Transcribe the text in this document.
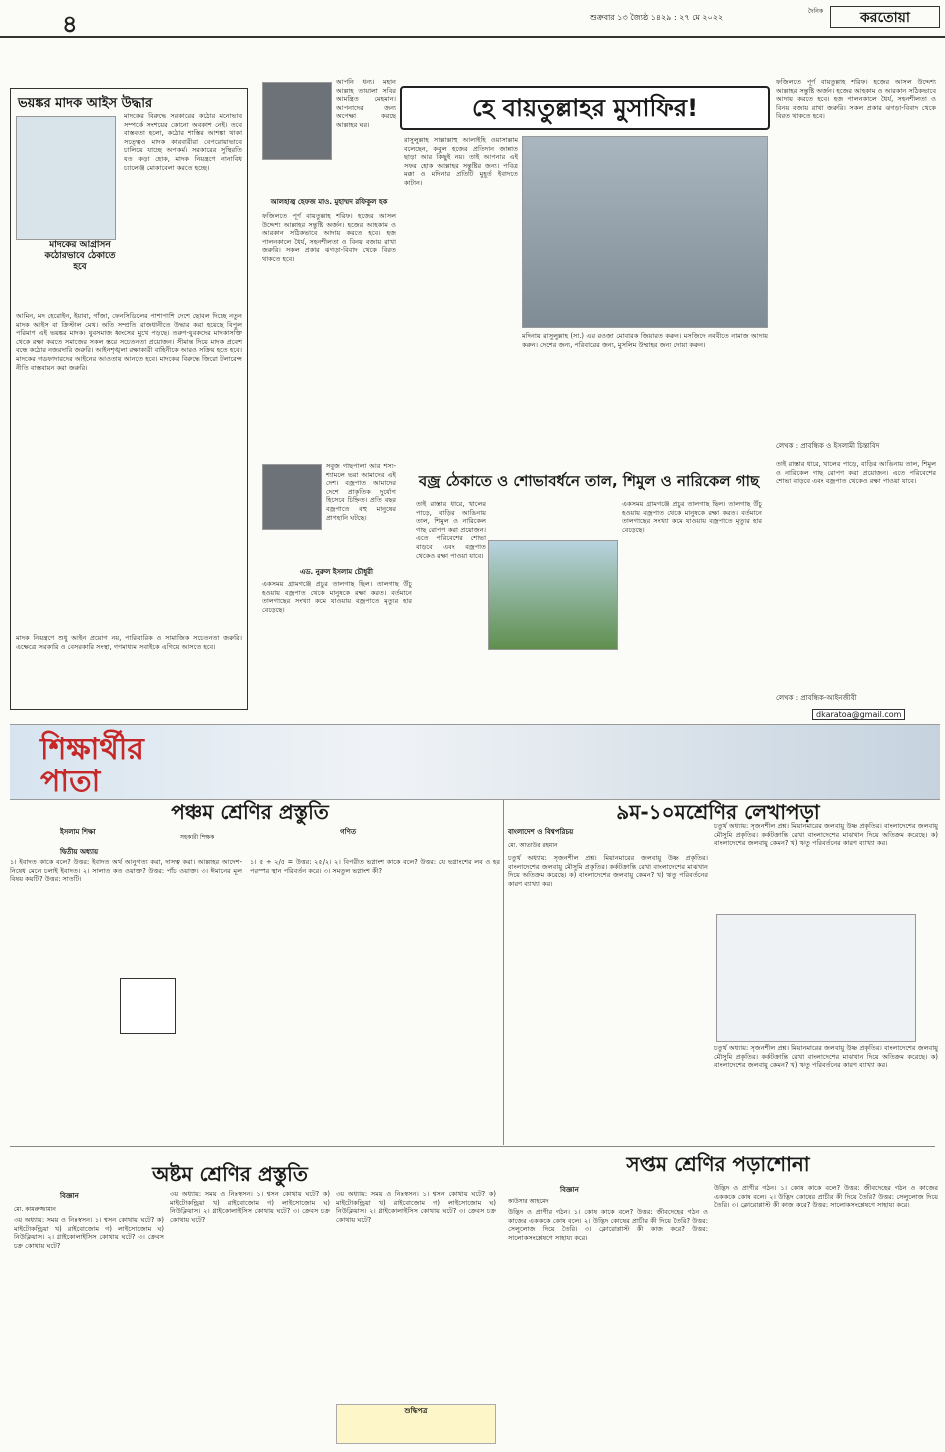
৪	শুক্রবার ১৩ জ্যৈষ্ঠ ১৪২৯ : ২৭ মে ২০২২
দৈনিক	করতোয়া
ভয়ঙ্কর মাদক আইস উদ্ধার
মাদকের আগ্রাসন কঠোরভাবে ঠেকাতে হবে
মাদকের বিরুদ্ধে সরকারের কঠোর মনোভাব সম্পর্কে সংশয়ের কোনো অবকাশ নেই। তবে বাস্তবতা হলো, কঠোর শাস্তির আশঙ্কা থাকা সত্ত্বেও মাদক কারবারীরা বেপরোয়াভাবে চালিয়ে যাচ্ছে অপকর্ম। সরকারের সুস্থিরতি যত কড়া হোক, মাদক নিয়ন্ত্রণে নানাবিধ চ্যালেঞ্জ মোকাবেলা করতে হচ্ছে।
আমিন, মদ হেরোইন, ইয়াবা, গাঁজা, ফেনসিডিলের পাশাপাশি দেশে ছোবল দিচ্ছে নতুন মাদক আইস বা ক্রিস্টাল মেথ। অতি সম্প্রতি রাজধানীতে উদ্ধার করা হয়েছে বিপুল পরিমাণ এই ভয়ঙ্কর মাদক। যুবসমাজ ধ্বংসের মুখে পড়ছে। তরুণ-যুবকদের মাদকাসক্তি থেকে রক্ষা করতে সমাজের সকল স্তরে সচেতনতা প্রয়োজন। সীমান্ত দিয়ে মাদক প্রবেশ বন্ধে কঠোর নজরদারি জরুরি। আইনশৃঙ্খলা রক্ষাকারী বাহিনীকে আরও সক্রিয় হতে হবে। মাদকের গডফাদারদের আইনের আওতায় আনতে হবে। মাদকের বিরুদ্ধে জিরো টলারেন্স নীতি বাস্তবায়ন করা জরুরি।
মাদক নিয়ন্ত্রণে শুধু আইন প্রয়োগ নয়, পারিবারিক ও সামাজিক সচেতনতা জরুরি। এক্ষেত্রে সরকারি ও বেসরকারি সংস্থা, গণমাধ্যম সবাইকে এগিয়ে আসতে হবে।
আপনি ধন্য। মহান আল্লাহ তায়ালা সবির আমন্ত্রিত মেহমান। আপনাদের জন্য অপেক্ষা করছে আল্লাহর ঘর।
হে বায়তুল্লাহর মুসাফির!
আলহাজ্ব হেফজ মাও. মুহাম্মদ রফিকুল হক
ফজিলতে পূর্ণ বায়তুল্লাহ শরিফ। হজের আসল উদ্দেশ্য আল্লাহর সন্তুষ্টি অর্জন। হজের আহকাম ও আরকান সঠিকভাবে আদায় করতে হবে। হজ পালনকালে ধৈর্য, সহনশীলতা ও বিনয় বজায় রাখা জরুরি। সকল প্রকার ঝগড়া-বিবাদ থেকে বিরত থাকতে হবে।
রাসুলুল্লাহ সাল্লাল্লাহু আলাইহি ওয়াসাল্লাম বলেছেন, কবুল হজের প্রতিদান জান্নাত ছাড়া আর কিছুই নয়। তাই আপনার এই সফর হোক আল্লাহর সন্তুষ্টির জন্য। পবিত্র মক্কা ও মদিনার প্রতিটি মুহূর্ত ইবাদতে কাটান।
মদিনায় রাসুলুল্লাহ (সা.) এর রওজা মোবারক জিয়ারত করুন। মসজিদে নববীতে নামাজ আদায় করুন। দেশের জন্য, পরিবারের জন্য, মুসলিম উম্মাহর জন্য দোয়া করুন।
ফজিলতে পূর্ণ বায়তুল্লাহ শরিফ। হজের আসল উদ্দেশ্য আল্লাহর সন্তুষ্টি অর্জন। হজের আহকাম ও আরকান সঠিকভাবে আদায় করতে হবে। হজ পালনকালে ধৈর্য, সহনশীলতা ও বিনয় বজায় রাখা জরুরি। সকল প্রকার ঝগড়া-বিবাদ থেকে বিরত থাকতে হবে।
লেখক : প্রাবন্ধিক ও ইসলামী চিন্তাবিদ
সবুজ গাছপালা আর শস্য-শ্যামলে ভরা আমাদের এই দেশ। বজ্রপাত আমাদের দেশে প্রাকৃতিক দুর্যোগ হিসেবে চিহ্নিত। প্রতি বছর বজ্রপাতে বহু মানুষের প্রাণহানি ঘটছে।
বজ্র ঠেকাতে ও শোভাবর্ধনে তাল, শিমুল ও নারিকেল গাছ
এড. নুরুল ইসলাম চৌধুরী
একসময় গ্রামগঞ্জে প্রচুর তালগাছ ছিল। তালগাছ উঁচু হওয়ায় বজ্রপাত থেকে মানুষকে রক্ষা করত। বর্তমানে তালগাছের সংখ্যা কমে যাওয়ায় বজ্রপাতে মৃত্যুর হার বেড়েছে।
তাই রাস্তার ধারে, খালের পাড়ে, বাড়ির আঙিনায় তাল, শিমুল ও নারিকেল গাছ রোপণ করা প্রয়োজন। এতে পরিবেশের শোভা বাড়বে এবং বজ্রপাত থেকেও রক্ষা পাওয়া যাবে।
একসময় গ্রামগঞ্জে প্রচুর তালগাছ ছিল। তালগাছ উঁচু হওয়ায় বজ্রপাত থেকে মানুষকে রক্ষা করত। বর্তমানে তালগাছের সংখ্যা কমে যাওয়ায় বজ্রপাতে মৃত্যুর হার বেড়েছে।
তাই রাস্তার ধারে, খালের পাড়ে, বাড়ির আঙিনায় তাল, শিমুল ও নারিকেল গাছ রোপণ করা প্রয়োজন। এতে পরিবেশের শোভা বাড়বে এবং বজ্রপাত থেকেও রক্ষা পাওয়া যাবে।
লেখক : প্রাবন্ধিক-আইনজীবী
dkaratoa@gmail.com
শিক্ষার্থীর পাতা
পঞ্চম শ্রেণির প্রস্তুতি
ইসলাম শিক্ষা	গণিত
সহকারী শিক্ষক
দ্বিতীয় অধ্যায়
১। ইবাদত কাকে বলে? উত্তর: ইবাদত অর্থ আনুগত্য করা, দাসত্ব করা। আল্লাহর আদেশ-নিষেধ মেনে চলাই ইবাদত। ২। সালাত কত ওয়াক্ত? উত্তর: পাঁচ ওয়াক্ত। ৩। ঈমানের মূল বিষয় কয়টি? উত্তর: সাতটি।
১। ৫ ÷ ২/৫ = উত্তর: ২৫/২। ২। বিপরীত ভগ্নাংশ কাকে বলে? উত্তর: যে ভগ্নাংশের লব ও হর পরস্পর স্থান পরিবর্তন করে। ৩। সমতুল ভগ্নাংশ কী?
৯ম-১০মশ্রেণির লেখাপড়া
বাংলাদেশ ও বিশ্বপরিচয়
মো. আতাউর রহমান
চতুর্থ অধ্যায়: সৃজনশীল প্রশ্ন। মিয়ানমারের জলবায়ু উষ্ণ প্রকৃতির। বাংলাদেশের জলবায়ু মৌসুমি প্রকৃতির। কর্কটক্রান্তি রেখা বাংলাদেশের মাঝখান দিয়ে অতিক্রম করেছে। ক) বাংলাদেশের জলবায়ু কেমন? খ) ঋতু পরিবর্তনের কারণ ব্যাখ্যা কর।
চতুর্থ অধ্যায়: সৃজনশীল প্রশ্ন। মিয়ানমারের জলবায়ু উষ্ণ প্রকৃতির। বাংলাদেশের জলবায়ু মৌসুমি প্রকৃতির। কর্কটক্রান্তি রেখা বাংলাদেশের মাঝখান দিয়ে অতিক্রম করেছে। ক) বাংলাদেশের জলবায়ু কেমন? খ) ঋতু পরিবর্তনের কারণ ব্যাখ্যা কর।
চতুর্থ অধ্যায়: সৃজনশীল প্রশ্ন। মিয়ানমারের জলবায়ু উষ্ণ প্রকৃতির। বাংলাদেশের জলবায়ু মৌসুমি প্রকৃতির। কর্কটক্রান্তি রেখা বাংলাদেশের মাঝখান দিয়ে অতিক্রম করেছে। ক) বাংলাদেশের জলবায়ু কেমন? খ) ঋতু পরিবর্তনের কারণ ব্যাখ্যা কর।
অষ্টম শ্রেণির প্রস্তুতি
বিজ্ঞান
মো. কামরুজ্জামান
৩য় অধ্যায়: সময় ও নিঃস্বসন। ১। শ্বসন কোথায় ঘটে? ক) মাইটোকন্ড্রিয়া খ) রাইবোজোম গ) লাইসোজোম ঘ) নিউক্লিয়াস। ২। গ্লাইকোলাইসিস কোথায় ঘটে? ৩। ক্রেবস চক্র কোথায় ঘটে?
৩য় অধ্যায়: সময় ও নিঃস্বসন। ১। শ্বসন কোথায় ঘটে? ক) মাইটোকন্ড্রিয়া খ) রাইবোজোম গ) লাইসোজোম ঘ) নিউক্লিয়াস। ২। গ্লাইকোলাইসিস কোথায় ঘটে? ৩। ক্রেবস চক্র কোথায় ঘটে?
৩য় অধ্যায়: সময় ও নিঃস্বসন। ১। শ্বসন কোথায় ঘটে? ক) মাইটোকন্ড্রিয়া খ) রাইবোজোম গ) লাইসোজোম ঘ) নিউক্লিয়াস। ২। গ্লাইকোলাইসিস কোথায় ঘটে? ৩। ক্রেবস চক্র কোথায় ঘটে?
শুদ্ধিপত্র
সপ্তম শ্রেণির পড়াশোনা
বিজ্ঞান
কাউসার আহমেদ
উদ্ভিদ ও প্রাণীর গঠন। ১। কোষ কাকে বলে? উত্তর: জীবদেহের গঠন ও কাজের একককে কোষ বলে। ২। উদ্ভিদ কোষের প্রাচীর কী দিয়ে তৈরি? উত্তর: সেলুলোজ দিয়ে তৈরি। ৩। ক্লোরোপ্লাস্ট কী কাজ করে? উত্তর: সালোকসংশ্লেষণে সাহায্য করে।
উদ্ভিদ ও প্রাণীর গঠন। ১। কোষ কাকে বলে? উত্তর: জীবদেহের গঠন ও কাজের একককে কোষ বলে। ২। উদ্ভিদ কোষের প্রাচীর কী দিয়ে তৈরি? উত্তর: সেলুলোজ দিয়ে তৈরি। ৩। ক্লোরোপ্লাস্ট কী কাজ করে? উত্তর: সালোকসংশ্লেষণে সাহায্য করে।
